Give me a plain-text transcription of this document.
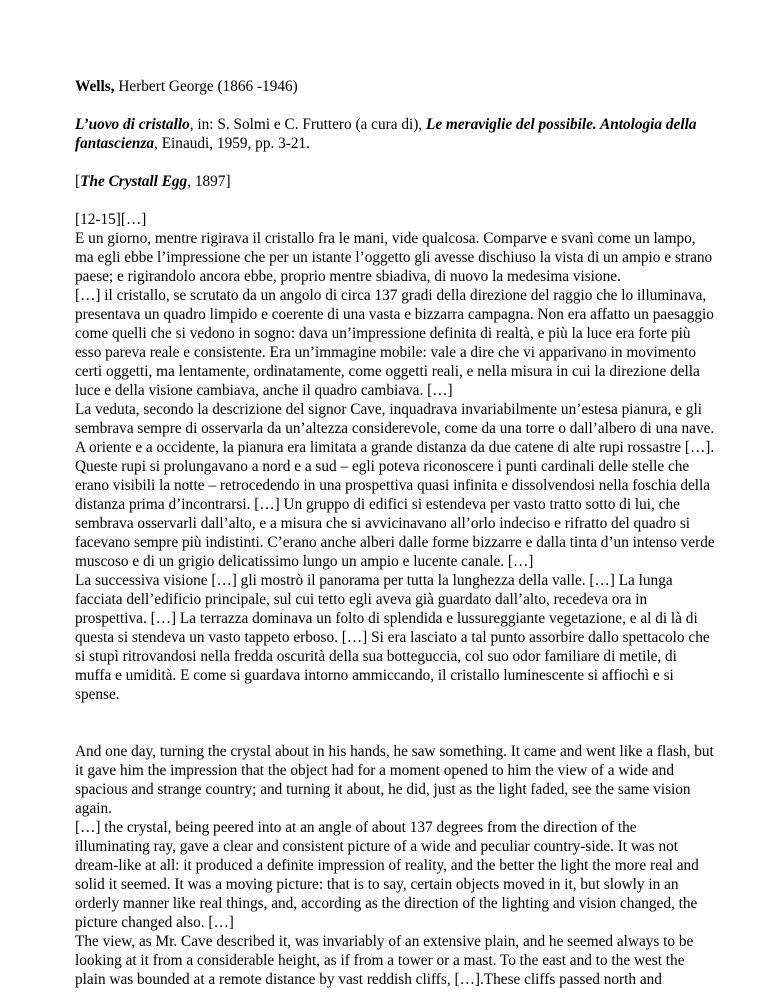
Wells, Herbert George (1866 -1946)

L’uovo di cristallo, in: S. Solmi e C. Fruttero (a cura di), Le meraviglie del possibile. Antologia della fantascienza, Einaudi, 1959, pp. 3-21.

[The Crystall Egg, 1897]

[12-15][…]

E un giorno, mentre rigirava il cristallo fra le mani, vide qualcosa. Comparve e svanì come un lampo, ma egli ebbe l’impressione che per un istante l’oggetto gli avesse dischiuso la vista di un ampio e strano paese; e rigirandolo ancora ebbe, proprio mentre sbiadiva, di nuovo la medesima visione.

[…] il cristallo, se scrutato da un angolo di circa 137 gradi della direzione del raggio che lo illuminava, presentava un quadro limpido e coerente di una vasta e bizzarra campagna. Non era affatto un paesaggio come quelli che si vedono in sogno: dava un’impressione definita di realtà, e più la luce era forte più esso pareva reale e consistente. Era un’immagine mobile: vale a dire che vi apparivano in movimento certi oggetti, ma lentamente, ordinatamente, come oggetti reali, e nella misura in cui la direzione della luce e della visione cambiava, anche il quadro cambiava. […]

La veduta, secondo la descrizione del signor Cave, inquadrava invariabilmente un’estesa pianura, e gli sembrava sempre di osservarla da un’altezza considerevole, come da una torre o dall’albero di una nave. A oriente e a occidente, la pianura era limitata a grande distanza da due catene di alte rupi rossastre […]. Queste rupi si prolungavano a nord e a sud – egli poteva riconoscere i punti cardinali delle stelle che erano visibili la notte – retrocedendo in una prospettiva quasi infinita e dissolvendosi nella foschia della distanza prima d’incontrarsi. […] Un gruppo di edifici si estendeva per vasto tratto sotto di lui, che sembrava osservarli dall’alto, e a misura che si avvicinavano all’orlo indeciso e rifratto del quadro si facevano sempre più indistinti. C’erano anche alberi dalle forme bizzarre e dalla tinta d’un intenso verde muscoso e di un grigio delicatissimo lungo un ampio e lucente canale. […]

La successiva visione […] gli mostrò il panorama per tutta la lunghezza della valle. […] La lunga facciata dell’edificio principale, sul cui tetto egli aveva già guardato dall’alto, recedeva ora in prospettiva. […] La terrazza dominava un folto di splendida e lussureggiante vegetazione, e al di là di questa si stendeva un vasto tappeto erboso. […] Si era lasciato a tal punto assorbire dallo spettacolo che si stupì ritrovandosi nella fredda oscurità della sua botteguccia, col suo odor familiare di metile, di muffa e umidità. E come si guardava intorno ammiccando, il cristallo luminescente si affiochì e si spense.

And one day, turning the crystal about in his hands, he saw something. It came and went like a flash, but it gave him the impression that the object had for a moment opened to him the view of a wide and spacious and strange country; and turning it about, he did, just as the light faded, see the same vision again.

[…] the crystal, being peered into at an angle of about 137 degrees from the direction of the illuminating ray, gave a clear and consistent picture of a wide and peculiar country-side. It was not dream-like at all: it produced a definite impression of reality, and the better the light the more real and solid it seemed. It was a moving picture: that is to say, certain objects moved in it, but slowly in an orderly manner like real things, and, according as the direction of the lighting and vision changed, the picture changed also. […]

The view, as Mr. Cave described it, was invariably of an extensive plain, and he seemed always to be looking at it from a considerable height, as if from a tower or a mast. To the east and to the west the plain was bounded at a remote distance by vast reddish cliffs, […].These cliffs passed north and
